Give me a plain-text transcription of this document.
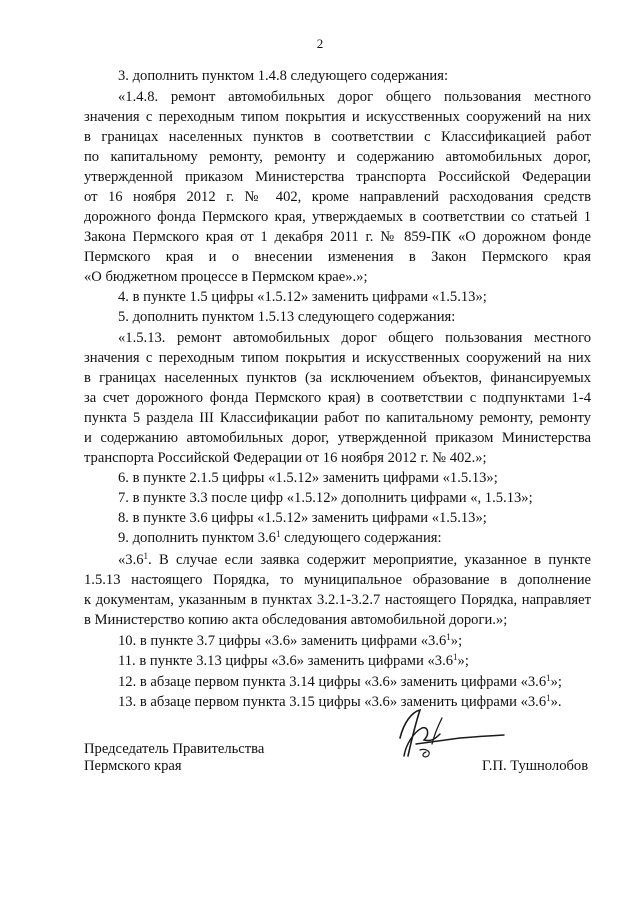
2
3. дополнить пунктом 1.4.8 следующего содержания:
«1.4.8. ремонт автомобильных дорог общего пользования местного
значения с переходным типом покрытия и искусственных сооружений на них
в границах населенных пунктов в соответствии с Классификацией работ
по капитальному ремонту, ремонту и содержанию автомобильных дорог,
утвержденной приказом Министерства транспорта Российской Федерации
от 16 ноября 2012 г. № 402, кроме направлений расходования средств
дорожного фонда Пермского края, утверждаемых в соответствии со статьей 1
Закона Пермского края от 1 декабря 2011 г. № 859-ПК «О дорожном фонде
Пермского края и о внесении изменения в Закон Пермского края
«О бюджетном процессе в Пермском крае».»;
4. в пункте 1.5 цифры «1.5.12» заменить цифрами «1.5.13»;
5. дополнить пунктом 1.5.13 следующего содержания:
«1.5.13. ремонт автомобильных дорог общего пользования местного
значения с переходным типом покрытия и искусственных сооружений на них
в границах населенных пунктов (за исключением объектов, финансируемых
за счет дорожного фонда Пермского края) в соответствии с подпунктами 1-4
пункта 5 раздела III Классификации работ по капитальному ремонту, ремонту
и содержанию автомобильных дорог, утвержденной приказом Министерства
транспорта Российской Федерации от 16 ноября 2012 г. № 402.»;
6. в пункте 2.1.5 цифры «1.5.12» заменить цифрами «1.5.13»;
7. в пункте 3.3 после цифр «1.5.12» дополнить цифрами «, 1.5.13»;
8. в пункте 3.6 цифры «1.5.12» заменить цифрами «1.5.13»;
9. дополнить пунктом $3.6^1$ следующего содержания:
«$3.6^1$. В случае если заявка содержит мероприятие, указанное в пункте
1.5.13 настоящего Порядка, то муниципальное образование в дополнение
к документам, указанным в пунктах 3.2.1-3.2.7 настоящего Порядка, направляет
в Министерство копию акта обследования автомобильной дороги.»;
10. в пункте 3.7 цифры «3.6» заменить цифрами «$3.6^1$»;
11. в пункте 3.13 цифры «3.6» заменить цифрами «$3.6^1$»;
12. в абзаце первом пункта 3.14 цифры «3.6» заменить цифрами «$3.6^1$»;
13. в абзаце первом пункта 3.15 цифры «3.6» заменить цифрами «$3.6^1$».
Председатель Правительства
Пермского края	Г.П. Тушнолобов
